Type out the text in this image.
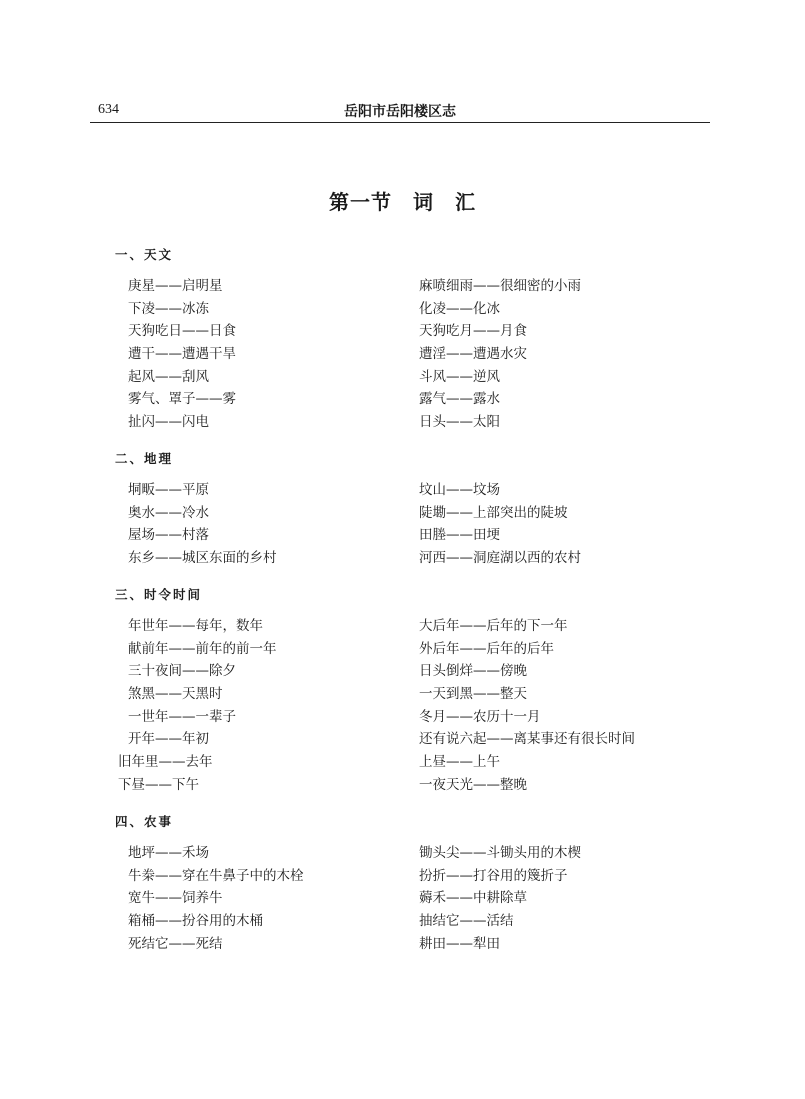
634	岳阳市岳阳楼区志
第一节　词　汇
一、天文
庚星——启明星	麻喷细雨——很细密的小雨
下凌——冰冻	化凌——化冰
天狗吃日——日食	天狗吃月——月食
遭干——遭遇干旱	遭淫——遭遇水灾
起风——刮风	斗风——逆风
雾气、罩子——雾	露气——露水
扯闪——闪电	日头——太阳
二、地理
垌畈——平原	坟山——坟场
奥水——冷水	陡墈——上部突出的陡坡
屋场——村落	田塍——田埂
东乡——城区东面的乡村	河西——洞庭湖以西的农村
三、时令时间
年世年——每年，数年	大后年——后年的下一年
献前年——前年的前一年	外后年——后年的后年
三十夜间——除夕	日头倒烊——傍晚
煞黑——天黑时	一天到黑——整天
一世年——一辈子	冬月——农历十一月
开年——年初	还有说六起——离某事还有很长时间
旧年里——去年	上昼——上午
下昼——下午	一夜天光——整晚
四、农事
地坪——禾场	锄头尖——斗锄头用的木楔
牛桊——穿在牛鼻子中的木栓	扮折——打谷用的篾折子
宽牛——饲养牛	薅禾——中耕除草
箱桶——扮谷用的木桶	抽结它——活结
死结它——死结	耕田——犁田
